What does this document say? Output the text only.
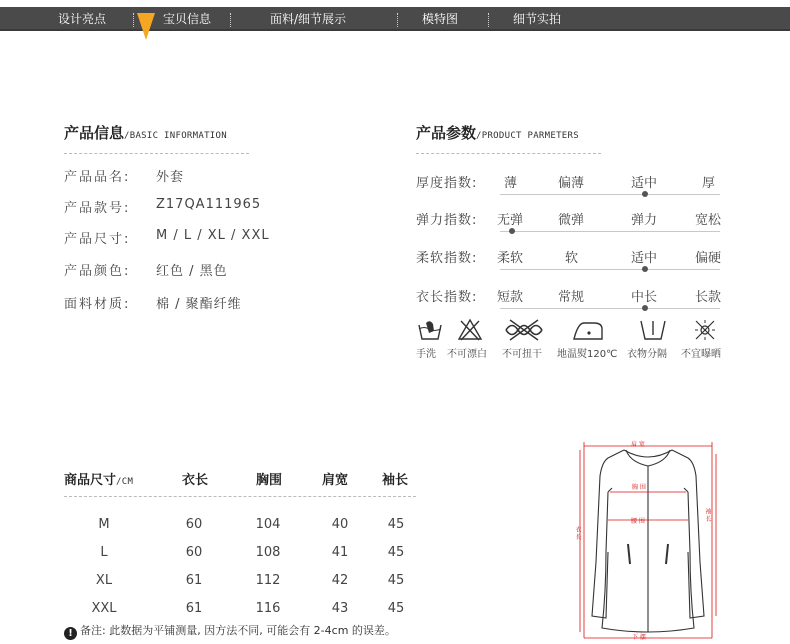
设计亮点	宝贝信息	面料/细节展示	模特图	细节实拍
产品信息/BASIC INFORMATION
产品品名: 外套
产品款号: Z17QA111965
产品尺寸: M / L / XL / XXL
产品颜色: 红色 / 黑色
面料材质: 棉 / 聚酯纤维
产品参数/PRODUCT PARMETERS
厚度指数: 薄	偏薄	适中	厚
弹力指数: 无弹	微弹	弹力	宽松
柔软指数: 柔软	软	适中	偏硬
衣长指数: 短款	常规	中长	长款
手洗 不可漂白 不可扭干 地温熨120℃ 衣物分隔 不宜曝晒
商品尺寸/CM	衣长	胸围	肩宽	袖长
M	60	104	40	45
L	60	108	41	45
XL	61	112	42	45
XXL	61	116	43	45
! 备注: 此数据为平铺测量, 因方法不同, 可能会有 2-4cm 的误差。
肩 宽
胸 围
腰 围
衣 长
袖 长
下 摆
